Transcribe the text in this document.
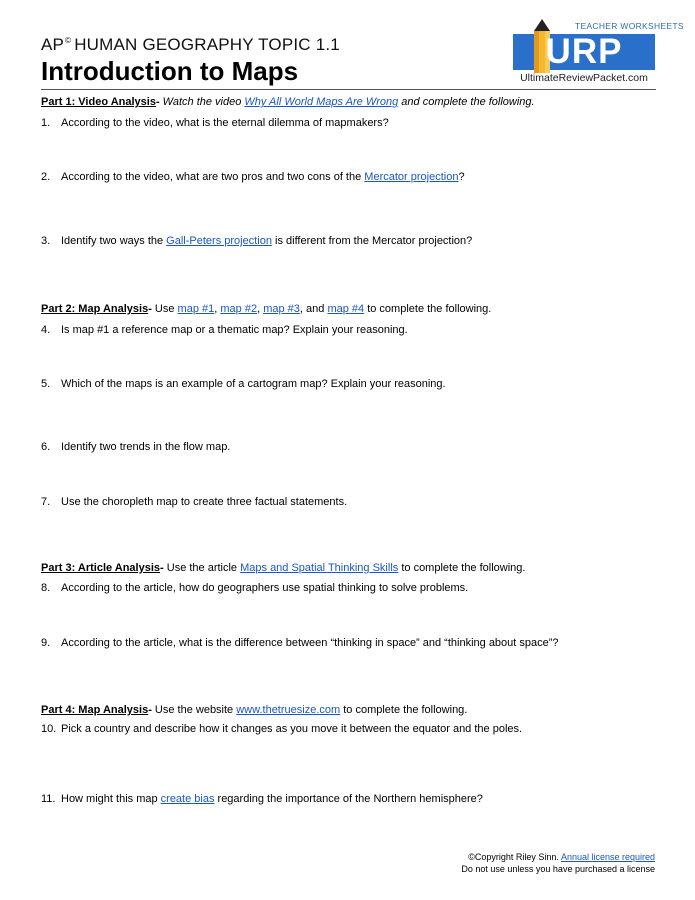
AP© HUMAN GEOGRAPHY TOPIC 1.1
Introduction to Maps
TEACHER WORKSHEETS
URP
UltimateReviewPacket.com
Part 1: Video Analysis- Watch the video Why All World Maps Are Wrong and complete the following.
1. According to the video, what is the eternal dilemma of mapmakers?
2. According to the video, what are two pros and two cons of the Mercator projection?
3. Identify two ways the Gall-Peters projection is different from the Mercator projection?
Part 2: Map Analysis- Use map #1, map #2, map #3, and map #4 to complete the following.
4. Is map #1 a reference map or a thematic map? Explain your reasoning.
5. Which of the maps is an example of a cartogram map? Explain your reasoning.
6. Identify two trends in the flow map.
7. Use the choropleth map to create three factual statements.
Part 3: Article Analysis- Use the article Maps and Spatial Thinking Skills to complete the following.
8. According to the article, how do geographers use spatial thinking to solve problems.
9. According to the article, what is the difference between “thinking in space” and “thinking about space”?
Part 4: Map Analysis- Use the website www.thetruesize.com to complete the following.
10. Pick a country and describe how it changes as you move it between the equator and the poles.
11. How might this map create bias regarding the importance of the Northern hemisphere?
©Copyright Riley Sinn. Annual license required
Do not use unless you have purchased a license
